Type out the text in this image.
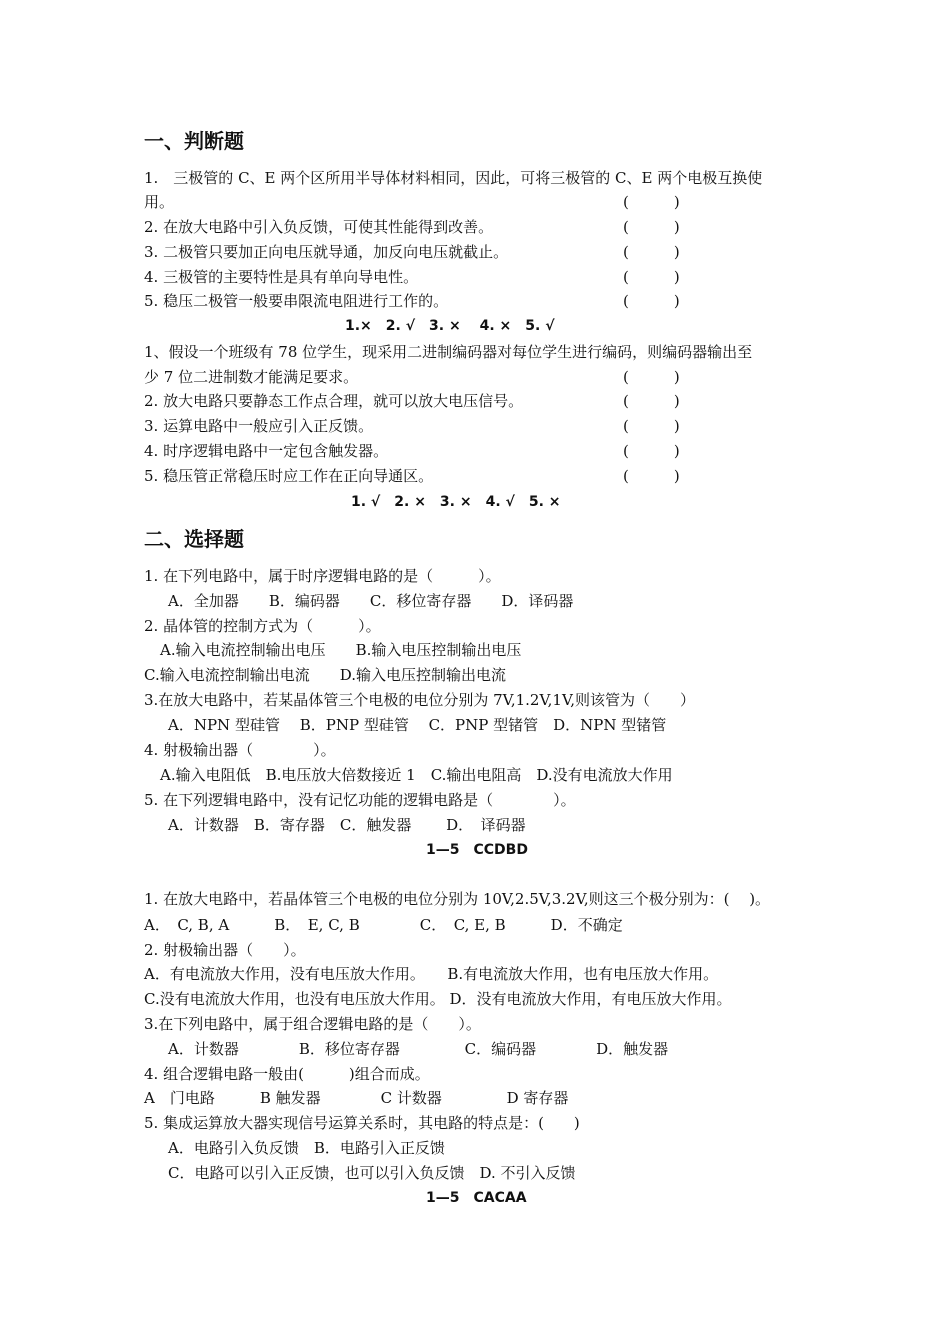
一、判断题
1.　三极管的 C、E 两个区所用半导体材料相同，因此，可将三极管的 C、E 两个电极互换使
用。	(　　　)
2. 在放大电路中引入负反馈，可使其性能得到改善。	(　　　)
3. 二极管只要加正向电压就导通，加反向电压就截止。	(　　　)
4. 三极管的主要特性是具有单向导电性。	(　　　)
5. 稳压二极管一般要串限流电阻进行工作的。	(　　　)
1.×　2. √　3. ×　 4. ×　5. √
1、假设一个班级有 78 位学生，现采用二进制编码器对每位学生进行编码，则编码器输出至
少 7 位二进制数才能满足要求。	(　　　)
2. 放大电路只要静态工作点合理，就可以放大电压信号。	(　　　)
3. 运算电路中一般应引入正反馈。	(　　　)
4. 时序逻辑电路中一定包含触发器。	(　　　)
5. 稳压管正常稳压时应工作在正向导通区。	(　　　)
1. √　2. ×　3. ×　4. √　5. ×
二、选择题
1. 在下列电路中，属于时序逻辑电路的是（　　　）。
A．全加器　　B．编码器　　C．移位寄存器　　D．译码器
2. 晶体管的控制方式为（　　　）。
A.输入电流控制输出电压　　B.输入电压控制输出电压
C.输入电流控制输出电流　　D.输入电压控制输出电流
3.在放大电路中，若某晶体管三个电极的电位分别为 7V,1.2V,1V,则该管为（　　）
A．NPN 型硅管　 B．PNP 型硅管　 C．PNP 型锗管　D．NPN 型锗管
4. 射极输出器（　　　　）。
A.输入电阻低　B.电压放大倍数接近 1　C.输出电阻高　D.没有电流放大作用
5. 在下列逻辑电路中，没有记忆功能的逻辑电路是（　　　　）。
A．计数器　B．寄存器　C．触发器　　 D．　译码器
1—5　CCDBD
1. 在放大电路中，若晶体管三个电极的电位分别为 10V,2.5V,3.2V,则这三个极分别为：(　 )。
A．　C, B, A　　　B．　E, C, B　　　　C．　C, E, B　　　D．不确定
2. 射极输出器（　　）。
A．有电流放大作用，没有电压放大作用。　　B.有电流放大作用，也有电压放大作用。
C.没有电流放大作用，也没有电压放大作用。 D．没有电流放大作用，有电压放大作用。
3.在下列电路中，属于组合逻辑电路的是（　　）。
A．计数器　　　　B．移位寄存器　　　　 C．编码器　　　　D．触发器
4. 组合逻辑电路一般由(　　　)组合而成。
A　门电路　　　B 触发器　　　　C 计数器　　　　 D 寄存器
5. 集成运算放大器实现信号运算关系时，其电路的特点是：(　　)
A．电路引入负反馈　B．电路引入正反馈
C．电路可以引入正反馈，也可以引入负反馈　D. 不引入反馈
1—5　CACAA
